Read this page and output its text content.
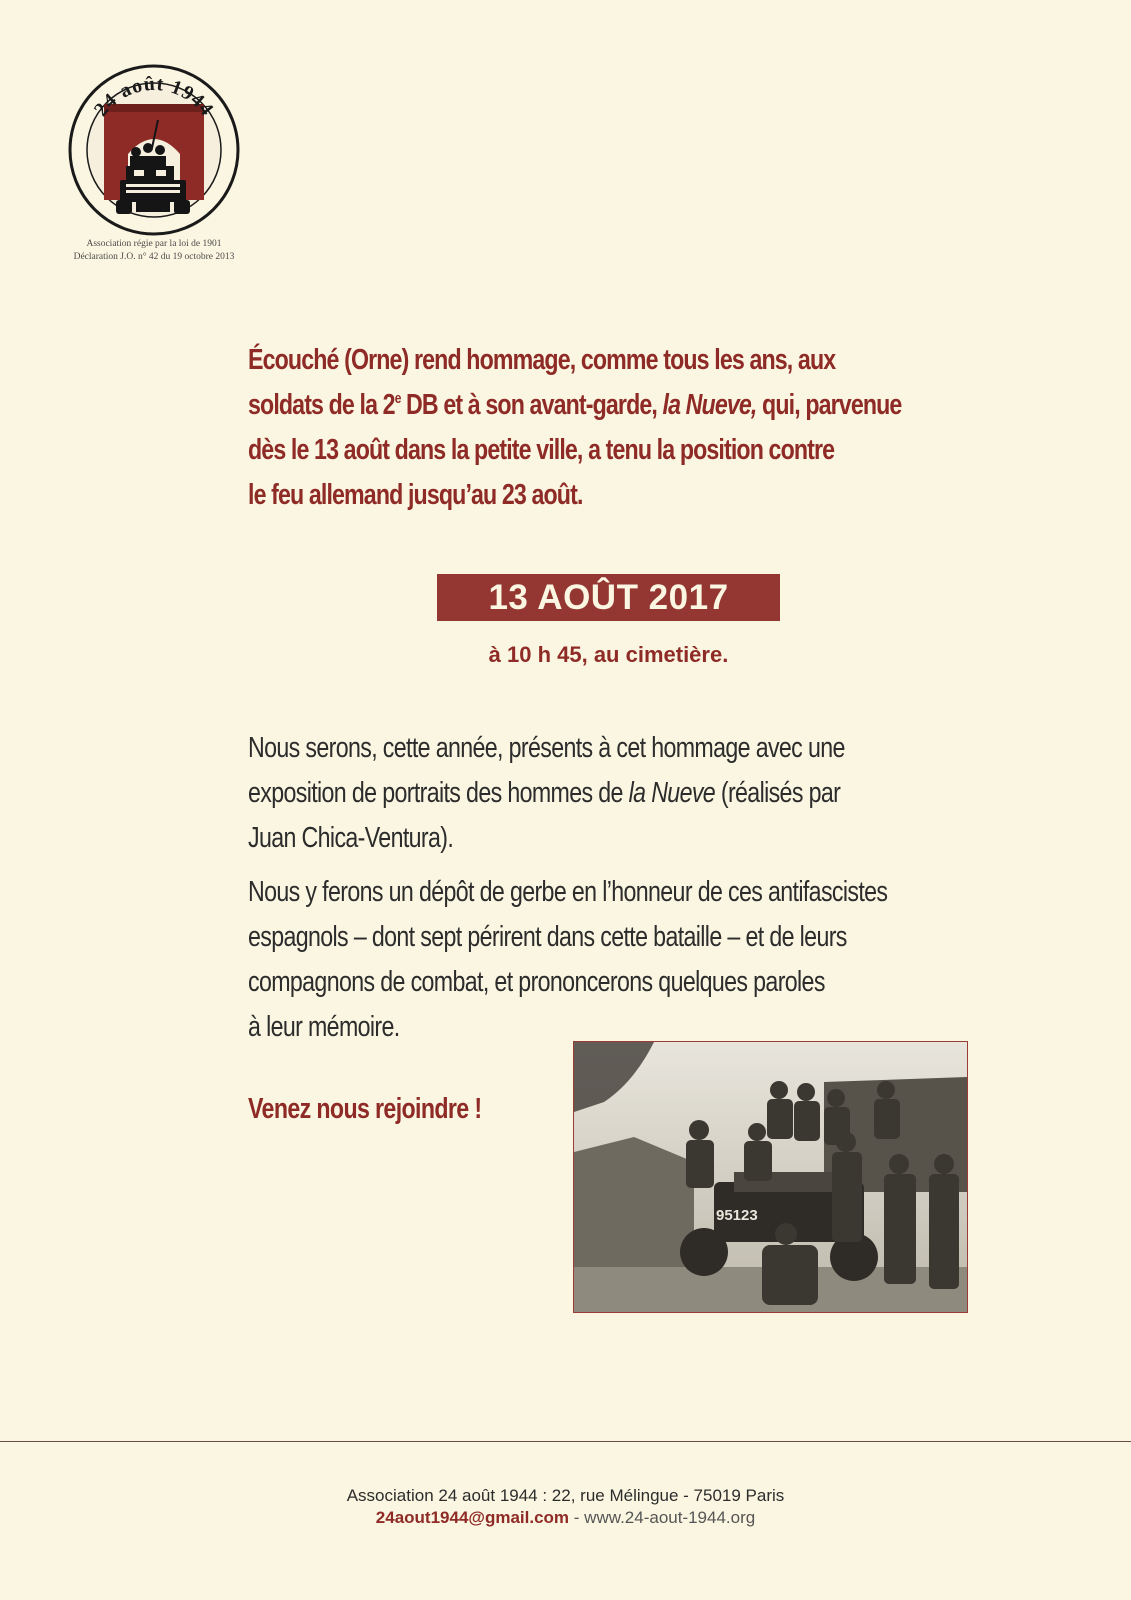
24 août 1944
Association régie par la loi de 1901
Déclaration J.O. n° 42 du 19 octobre 2013
Écouché (Orne) rend hommage, comme tous les ans, aux
soldats de la 2e DB et à son avant-garde, la Nueve, qui, parvenue
dès le 13 août dans la petite ville, a tenu la position contre
le feu allemand jusqu’au 23 août.
13 AOÛT 2017
à 10 h 45, au cimetière.
Nous serons, cette année, présents à cet hommage avec une
exposition de portraits des hommes de la Nueve (réalisés par
Juan Chica-Ventura).
Nous y ferons un dépôt de gerbe en l’honneur de ces antifascistes
espagnols – dont sept périrent dans cette bataille – et de leurs
compagnons de combat, et prononcerons quelques paroles
à leur mémoire.
Venez nous rejoindre !
95123
Association 24 août 1944 : 22, rue Mélingue - 75019 Paris
24aout1944@gmail.com - www.24-aout-1944.org
